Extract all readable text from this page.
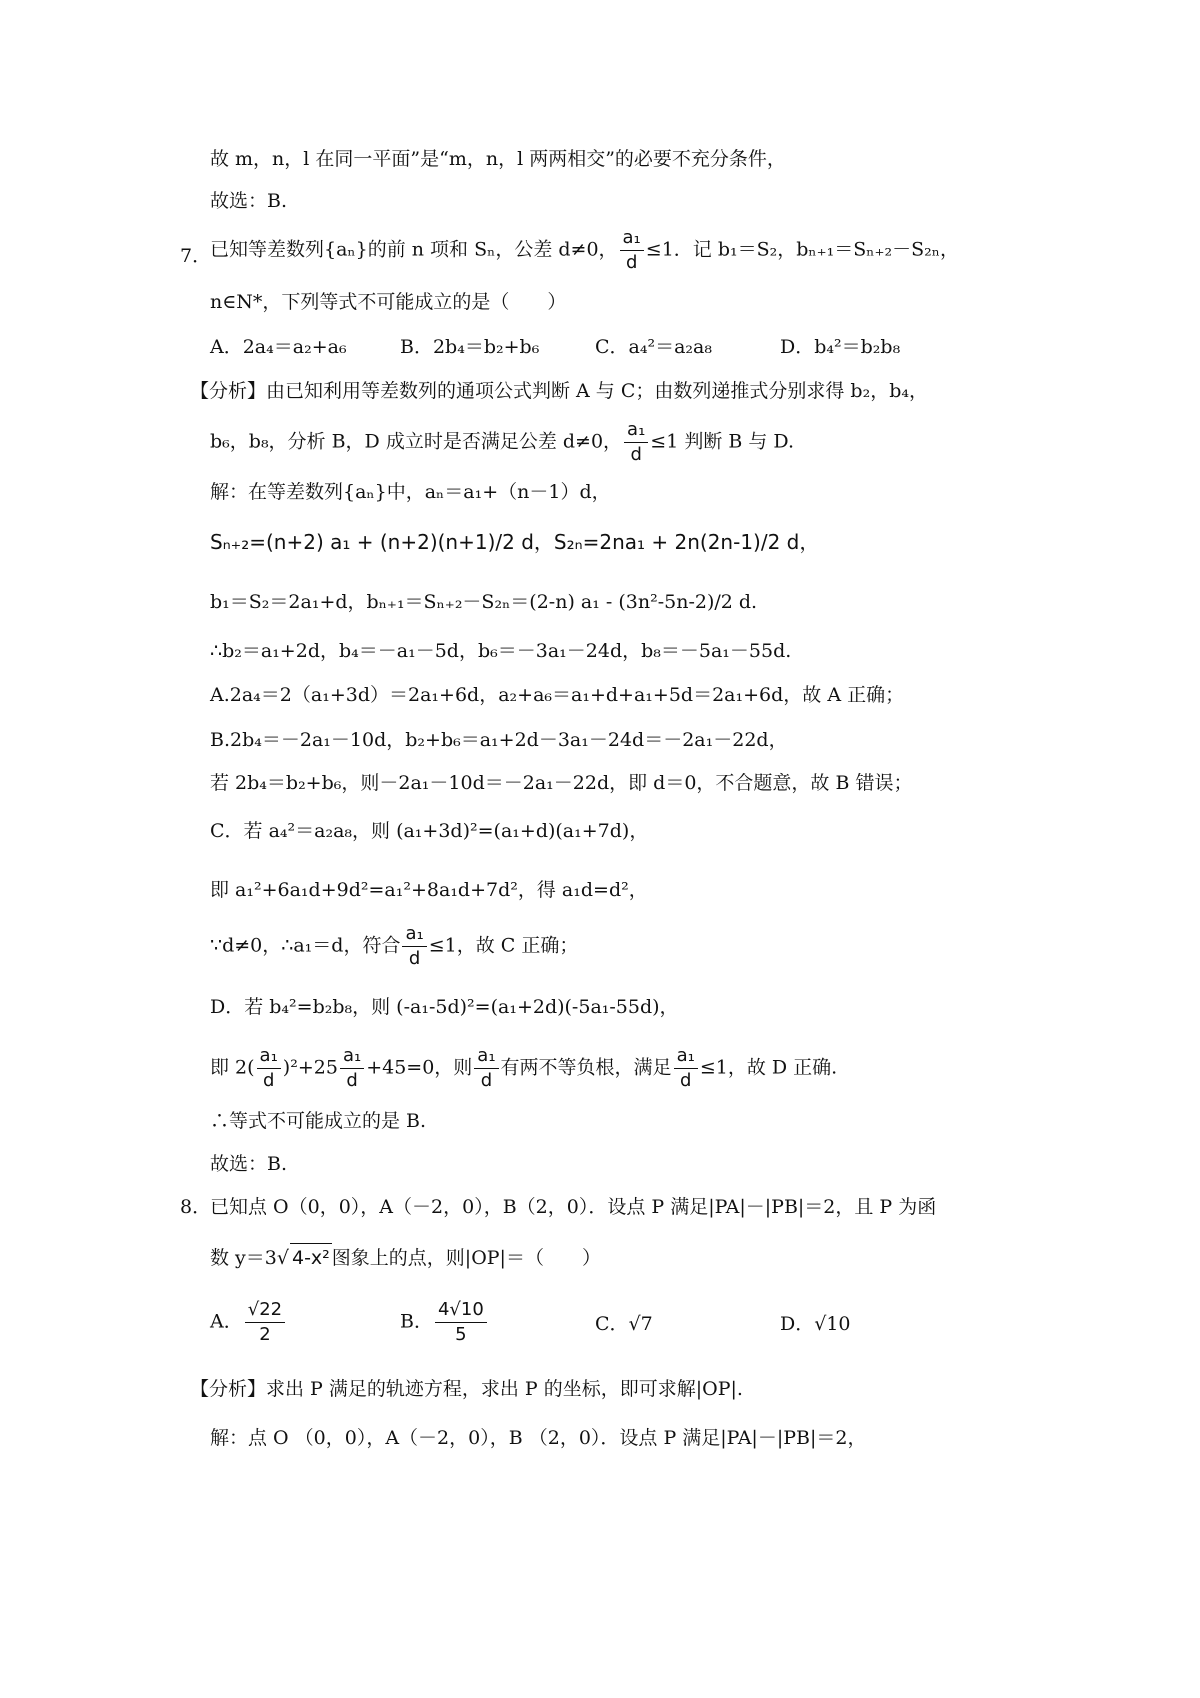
故 m，n，l 在同一平面”是“m，n，l 两两相交”的必要不充分条件，
故选：B.
7．
已知等差数列{aₙ}的前 n 项和 Sₙ，公差 d≠0， $\frac{\text{a₁}}{d} \le 1$．记 b₁＝S₂，bₙ₊₁＝Sₙ₊₂－S₂ₙ，
n∈N*，下列等式不可能成立的是（　　）
A．2a₄＝a₂+a₆	B．2b₄＝b₂+b₆	C．a₄²＝a₂a₈	D．b₄²＝b₂b₈
【分析】由已知利用等差数列的通项公式判断 A 与 C；由数列递推式分别求得 b₂，b₄，
b₆，b₈，分析 B，D 成立时是否满足公差 d≠0， $\frac{\text{a₁}}{d} \le 1$ 判断 B 与 D.
解：在等差数列{aₙ}中，aₙ＝a₁+（n－1）d，
Sₙ₊₂=(n+2) a₁ + (n+2)(n+1)/2 d，S₂ₙ=2na₁ + 2n(2n-1)/2 d，
b₁＝S₂＝2a₁+d，bₙ₊₁＝Sₙ₊₂－S₂ₙ＝(2-n) a₁ - (3n²-5n-2)/2 d.
∴b₂＝a₁+2d，b₄＝－a₁－5d，b₆＝－3a₁－24d，b₈＝－5a₁－55d.
A.2a₄＝2（a₁+3d）＝2a₁+6d，a₂+a₆＝a₁+d+a₁+5d＝2a₁+6d，故 A 正确；
B.2b₄＝－2a₁－10d，b₂+b₆＝a₁+2d－3a₁－24d＝－2a₁－22d，
若 2b₄＝b₂+b₆，则－2a₁－10d＝－2a₁－22d，即 d＝0，不合题意，故 B 错误；
C．若 a₄²＝a₂a₈，则 (a₁+3d)²=(a₁+d)(a₁+7d)，
即 a₁²+6a₁d+9d²=a₁²+8a₁d+7d²，得 a₁d=d²，
∵d≠0，∴a₁＝d，符合 $\frac{\text{a₁}}{d} \le 1$，故 C 正确；
D．若 b₄²=b₂b₈，则 (-a₁-5d)²=(a₁+2d)(-5a₁-55d)，
即 $2( \frac{\text{a₁}}{d} )^2+25 \frac{\text{a₁}}{d} +45=0$，则 $\frac{\text{a₁}}{d}$ 有两不等负根，满足 $\frac{\text{a₁}}{d} \le 1$，故 D 正确.
∴等式不可能成立的是 B.
故选：B.
8．
已知点 O（0，0），A（－2，0），B（2，0）．设点 P 满足|PA|－|PB|＝2，且 P 为函
数 y＝3√ 4-x² 图象上的点，则|OP|＝（　　）
A． $\frac{√22}{2}$	B． $\frac{4√10}{5}$	C．√7	D．√10
【分析】求出 P 满足的轨迹方程，求出 P 的坐标，即可求解|OP|.
解：点 O （0，0），A（－2，0），B （2，0）．设点 P 满足|PA|－|PB|＝2，
